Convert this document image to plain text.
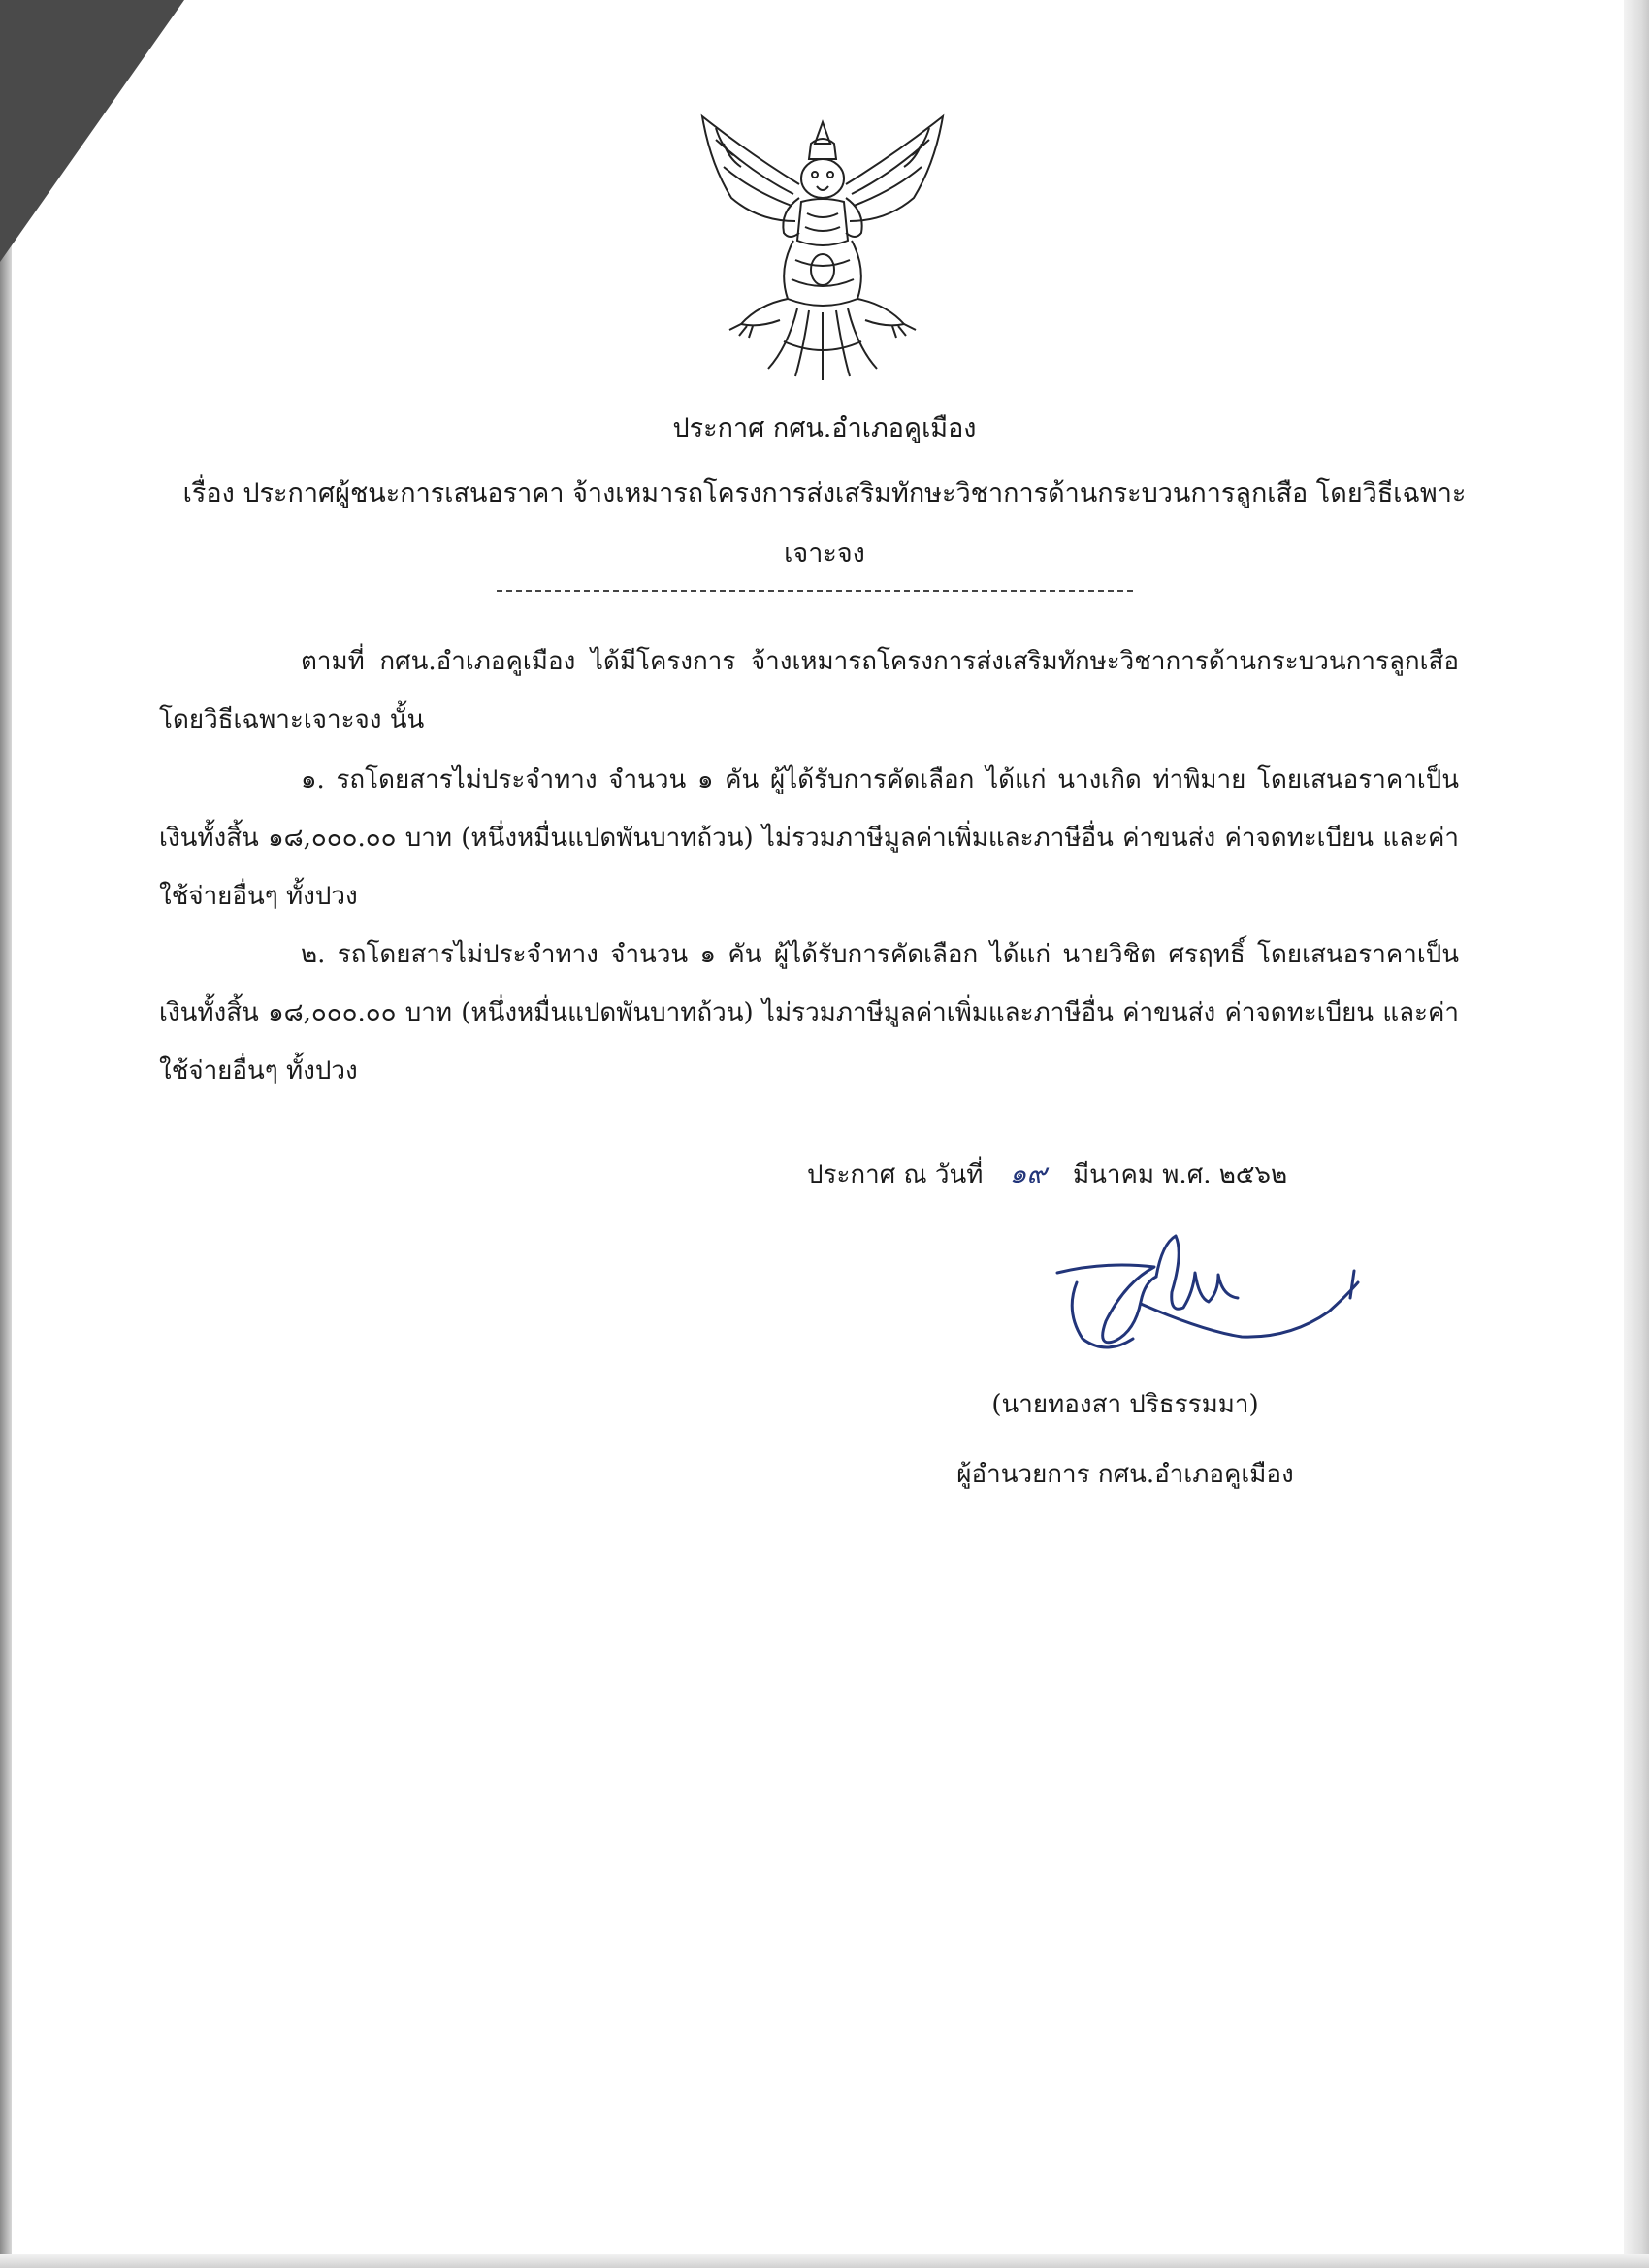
ประกาศ กศน.อำเภอคูเมือง
เรื่อง ประกาศผู้ชนะการเสนอราคา จ้างเหมารถโครงการส่งเสริมทักษะวิชาการด้านกระบวนการลูกเสือ โดยวิธีเฉพาะเจาะจง
ตามที่ กศน.อำเภอคูเมือง ได้มีโครงการ จ้างเหมารถโครงการส่งเสริมทักษะวิชาการด้านกระบวนการลูกเสือ โดยวิธีเฉพาะเจาะจง นั้น
๑. รถโดยสารไม่ประจำทาง จำนวน ๑ คัน ผู้ได้รับการคัดเลือก ได้แก่ นางเกิด ท่าพิมาย โดยเสนอราคาเป็นเงินทั้งสิ้น ๑๘,๐๐๐.๐๐ บาท (หนึ่งหมื่นแปดพันบาทถ้วน) ไม่รวมภาษีมูลค่าเพิ่มและภาษีอื่น ค่าขนส่ง ค่าจดทะเบียน และค่าใช้จ่ายอื่นๆ ทั้งปวง
๒. รถโดยสารไม่ประจำทาง จำนวน ๑ คัน ผู้ได้รับการคัดเลือก ได้แก่ นายวิชิต ศรฤทธิ์ โดยเสนอราคาเป็นเงินทั้งสิ้น ๑๘,๐๐๐.๐๐ บาท (หนึ่งหมื่นแปดพันบาทถ้วน) ไม่รวมภาษีมูลค่าเพิ่มและภาษีอื่น ค่าขนส่ง ค่าจดทะเบียน และค่าใช้จ่ายอื่นๆ ทั้งปวง
ประกาศ ณ วันที่ ๑๙ มีนาคม พ.ศ. ๒๕๖๒
(นายทองสา ปริธรรมมา)
ผู้อำนวยการ กศน.อำเภอคูเมือง
